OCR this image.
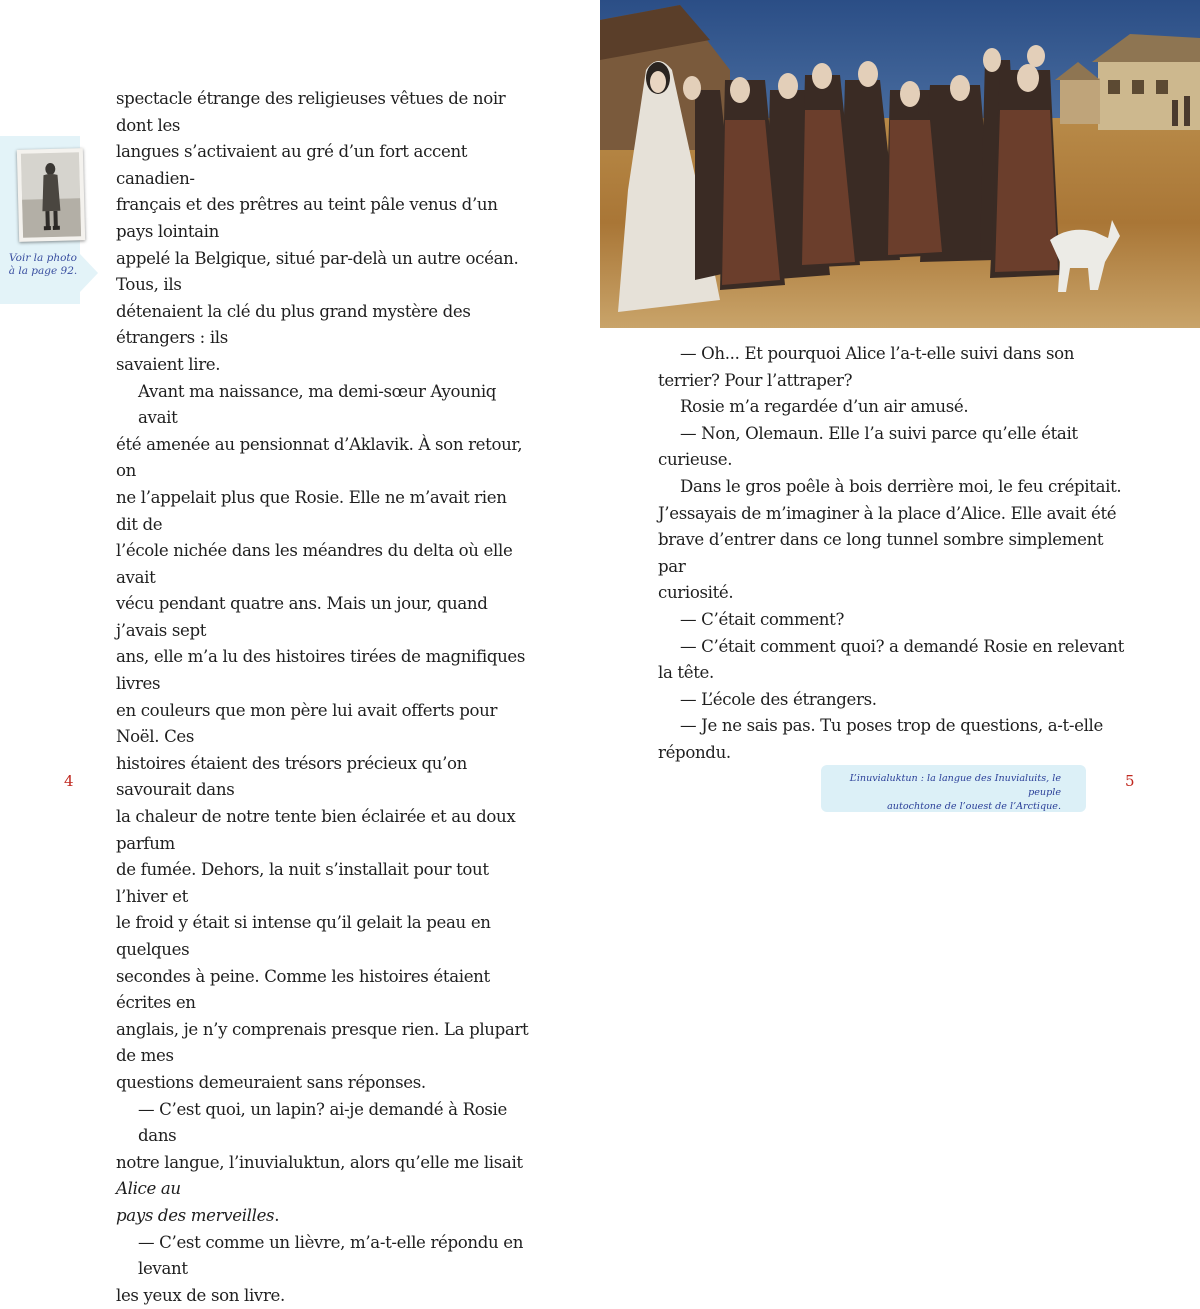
Voir la photo
à la page 92.
spectacle étrange des religieuses vêtues de noir dont les
langues s’activaient au gré d’un fort accent canadien-
français et des prêtres au teint pâle venus d’un pays lointain
appelé la Belgique, situé par-delà un autre océan. Tous, ils
détenaient la clé du plus grand mystère des étrangers : ils
savaient lire.
Avant ma naissance, ma demi-sœur Ayouniq avait
été amenée au pensionnat d’Aklavik. À son retour, on
ne l’appelait plus que Rosie. Elle ne m’avait rien dit de
l’école nichée dans les méandres du delta où elle avait
vécu pendant quatre ans. Mais un jour, quand j’avais sept
ans, elle m’a lu des histoires tirées de magnifiques livres
en couleurs que mon père lui avait offerts pour Noël. Ces
histoires étaient des trésors précieux qu’on savourait dans
la chaleur de notre tente bien éclairée et au doux parfum
de fumée. Dehors, la nuit s’installait pour tout l’hiver et
le froid y était si intense qu’il gelait la peau en quelques
secondes à peine. Comme les histoires étaient écrites en
anglais, je n’y comprenais presque rien. La plupart de mes
questions demeuraient sans réponses.
— C’est quoi, un lapin? ai-je demandé à Rosie dans
notre langue, l’inuvialuktun, alors qu’elle me lisait Alice au
pays des merveilles.
— C’est comme un lièvre, m’a-t-elle répondu en levant
les yeux de son livre.
4
— Oh... Et pourquoi Alice l’a-t-elle suivi dans son
terrier? Pour l’attraper?
Rosie m’a regardée d’un air amusé.
— Non, Olemaun. Elle l’a suivi parce qu’elle était
curieuse.
Dans le gros poêle à bois derrière moi, le feu crépitait.
J’essayais de m’imaginer à la place d’Alice. Elle avait été
brave d’entrer dans ce long tunnel sombre simplement par
curiosité.
— C’était comment?
— C’était comment quoi? a demandé Rosie en relevant
la tête.
— L’école des étrangers.
— Je ne sais pas. Tu poses trop de questions, a-t-elle
répondu.
5
L’inuvialuktun : la langue des Inuvialuits, le peuple
autochtone de l’ouest de l’Arctique.
